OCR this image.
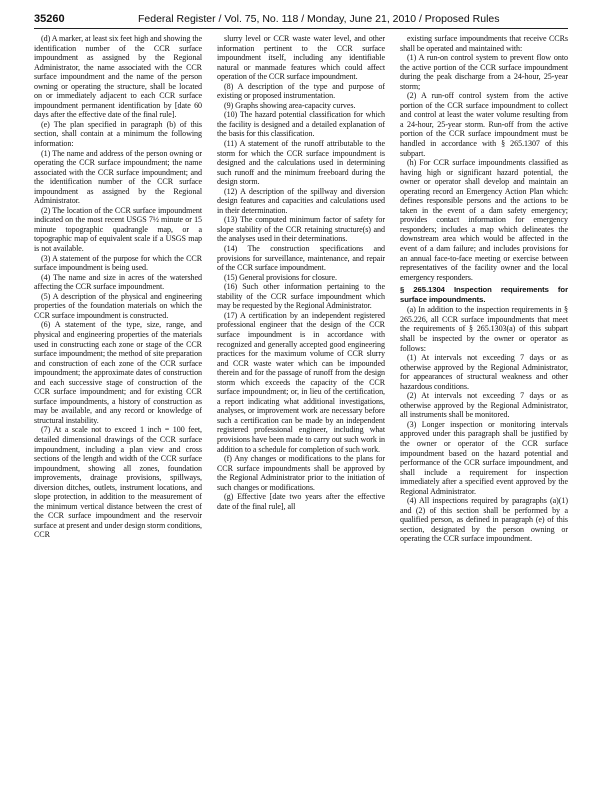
35260	Federal Register / Vol. 75, No. 118 / Monday, June 21, 2010 / Proposed Rules

(d) A marker, at least six feet high and showing the identification number of the CCR surface impoundment as assigned by the Regional Administrator, the name associated with the CCR surface impoundment and the name of the person owning or operating the structure, shall be located on or immediately adjacent to each CCR surface impoundment permanent identification by [date 60 days after the effective date of the final rule].

(e) The plan specified in paragraph (b) of this section, shall contain at a minimum the following information:

(1) The name and address of the person owning or operating the CCR surface impoundment; the name associated with the CCR surface impoundment; and the identification number of the CCR surface impoundment as assigned by the Regional Administrator.

(2) The location of the CCR surface impoundment indicated on the most recent USGS 7½ minute or 15 minute topographic quadrangle map, or a topographic map of equivalent scale if a USGS map is not available.

(3) A statement of the purpose for which the CCR surface impoundment is being used.

(4) The name and size in acres of the watershed affecting the CCR surface impoundment.

(5) A description of the physical and engineering properties of the foundation materials on which the CCR surface impoundment is constructed.

(6) A statement of the type, size, range, and physical and engineering properties of the materials used in constructing each zone or stage of the CCR surface impoundment; the method of site preparation and construction of each zone of the CCR surface impoundment; the approximate dates of construction and each successive stage of construction of the CCR surface impoundment; and for existing CCR surface impoundments, a history of construction as may be available, and any record or knowledge of structural instability.

(7) At a scale not to exceed 1 inch = 100 feet, detailed dimensional drawings of the CCR surface impoundment, including a plan view and cross sections of the length and width of the CCR surface impoundment, showing all zones, foundation improvements, drainage provisions, spillways, diversion ditches, outlets, instrument locations, and slope protection, in addition to the measurement of the minimum vertical distance between the crest of the CCR surface impoundment and the reservoir surface at present and under design storm conditions, CCR

slurry level or CCR waste water level, and other information pertinent to the CCR surface impoundment itself, including any identifiable natural or manmade features which could affect operation of the CCR surface impoundment.

(8) A description of the type and purpose of existing or proposed instrumentation.

(9) Graphs showing area-capacity curves.

(10) The hazard potential classification for which the facility is designed and a detailed explanation of the basis for this classification.

(11) A statement of the runoff attributable to the storm for which the CCR surface impoundment is designed and the calculations used in determining such runoff and the minimum freeboard during the design storm.

(12) A description of the spillway and diversion design features and capacities and calculations used in their determination.

(13) The computed minimum factor of safety for slope stability of the CCR retaining structure(s) and the analyses used in their determinations.

(14) The construction specifications and provisions for surveillance, maintenance, and repair of the CCR surface impoundment.

(15) General provisions for closure.

(16) Such other information pertaining to the stability of the CCR surface impoundment which may be requested by the Regional Administrator.

(17) A certification by an independent registered professional engineer that the design of the CCR surface impoundment is in accordance with recognized and generally accepted good engineering practices for the maximum volume of CCR slurry and CCR waste water which can be impounded therein and for the passage of runoff from the design storm which exceeds the capacity of the CCR surface impoundment; or, in lieu of the certification, a report indicating what additional investigations, analyses, or improvement work are necessary before such a certification can be made by an independent registered professional engineer, including what provisions have been made to carry out such work in addition to a schedule for completion of such work.

(f) Any changes or modifications to the plans for CCR surface impoundments shall be approved by the Regional Administrator prior to the initiation of such changes or modifications.

(g) Effective [date two years after the effective date of the final rule], all

existing surface impoundments that receive CCRs shall be operated and maintained with:

(1) A run-on control system to prevent flow onto the active portion of the CCR surface impoundment during the peak discharge from a 24-hour, 25-year storm;

(2) A run-off control system from the active portion of the CCR surface impoundment to collect and control at least the water volume resulting from a 24-hour, 25-year storm. Run-off from the active portion of the CCR surface impoundment must be handled in accordance with § 265.1307 of this subpart.

(h) For CCR surface impoundments classified as having high or significant hazard potential, the owner or operator shall develop and maintain an operating record an Emergency Action Plan which: defines responsible persons and the actions to be taken in the event of a dam safety emergency; provides contact information for emergency responders; includes a map which delineates the downstream area which would be affected in the event of a dam failure; and includes provisions for an annual face-to-face meeting or exercise between representatives of the facility owner and the local emergency responders.

§ 265.1304 Inspection requirements for surface impoundments.

(a) In addition to the inspection requirements in § 265.226, all CCR surface impoundments that meet the requirements of § 265.1303(a) of this subpart shall be inspected by the owner or operator as follows:

(1) At intervals not exceeding 7 days or as otherwise approved by the Regional Administrator, for appearances of structural weakness and other hazardous conditions.

(2) At intervals not exceeding 7 days or as otherwise approved by the Regional Administrator, all instruments shall be monitored.

(3) Longer inspection or monitoring intervals approved under this paragraph shall be justified by the owner or operator of the CCR surface impoundment based on the hazard potential and performance of the CCR surface impoundment, and shall include a requirement for inspection immediately after a specified event approved by the Regional Administrator.

(4) All inspections required by paragraphs (a)(1) and (2) of this section shall be performed by a qualified person, as defined in paragraph (e) of this section, designated by the person owning or operating the CCR surface impoundment.
